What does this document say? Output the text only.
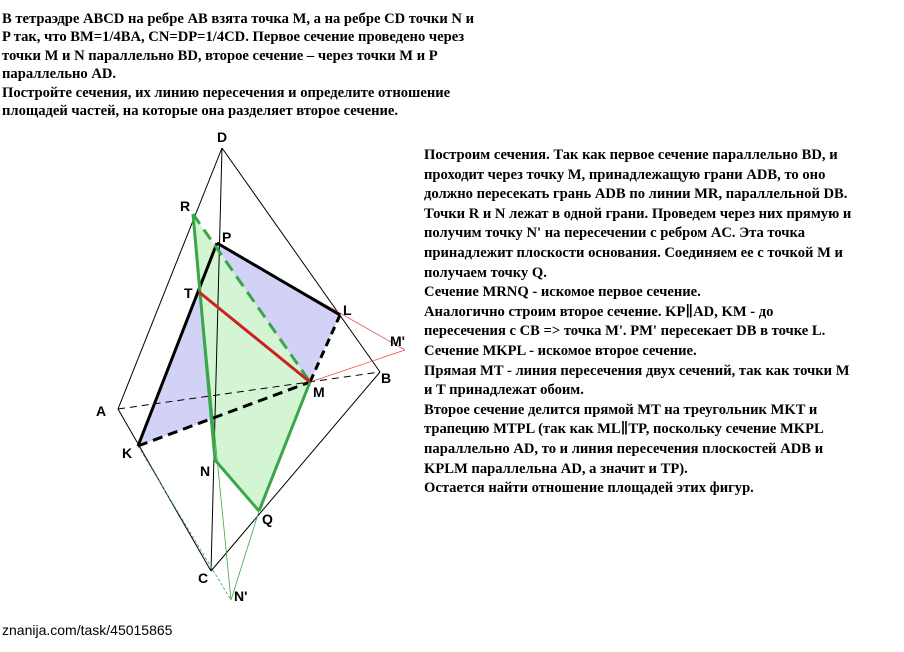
В тетраэдре ABCD на ребре AB взята точка M, а на ребре CD точки N и
P так, что BM=1/4BA, CN=DP=1/4CD. Первое сечение проведено через
точки M и N параллельно BD, второе сечение – через точки M и P
параллельно AD.
Постройте сечения, их линию пересечения и определите отношение
площадей частей, на которые она разделяет второе сечение.
D
R
P
T
L
M'
B
M
A
K
N
Q
C
N'

Построим сечения. Так как первое сечение параллельно BD, и
проходит через точку M, принадлежащую грани ADB, то оно
должно пересекать грань ADB по линии MR, параллельной DB.
Точки R и N лежат в одной грани. Проведем через них прямую и
получим точку N' на пересечении с ребром AC. Эта точка
принадлежит плоскости основания. Соединяем ее с точкой M и
получаем точку Q.

Сечение MRNQ - искомое первое сечение.

Аналогично строим второе сечение. KP∥AD, KM - до
пересечения с CB => точка M'. PM' пересекает DB в точке L.

Сечение MKPL - искомое второе сечение.

Прямая MT - линия пересечения двух сечений, так как точки M
и T принадлежат обоим.

Второе сечение делится прямой MT на треугольник MKT и
трапецию MTPL (так как ML∥TP, поскольку сечение MKPL
параллельно AD, то и линия пересечения плоскостей ADB и
KPLM параллельна AD, а значит и TP).

Остается найти отношение площадей этих фигур.

znanija.com/task/45015865
